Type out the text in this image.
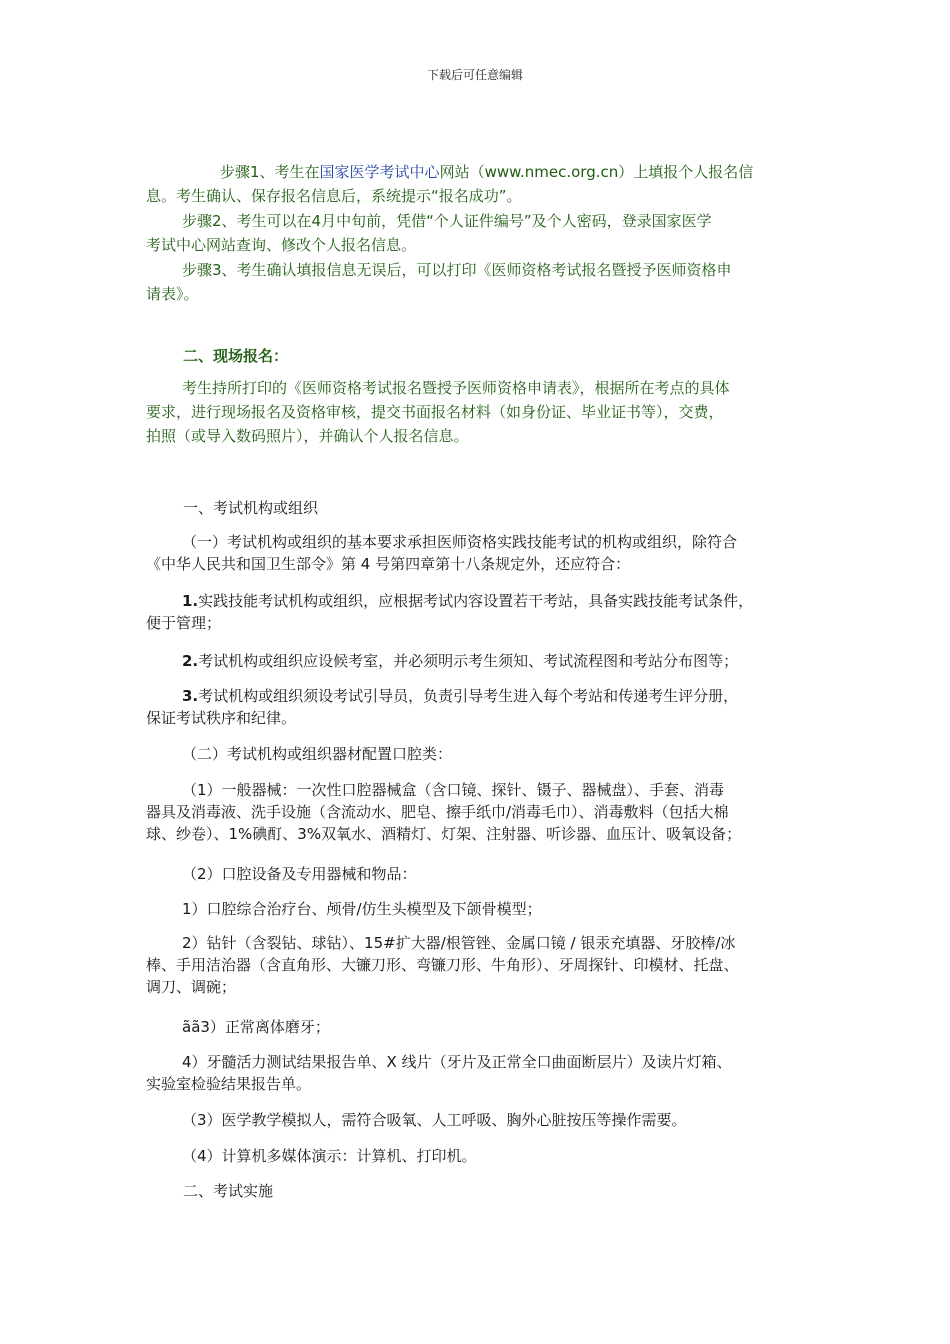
下载后可任意编辑
步骤1、考生在国家医学考试中心网站（www.nmec.org.cn）上填报个人报名信
息。考生确认、保存报名信息后，系统提示“报名成功”。
步骤2、考生可以在4月中旬前，凭借“个人证件编号”及个人密码，登录国家医学
考试中心网站查询、修改个人报名信息。
步骤3、考生确认填报信息无误后，可以打印《医师资格考试报名暨授予医师资格申
请表》。
二、现场报名：
考生持所打印的《医师资格考试报名暨授予医师资格申请表》，根据所在考点的具体
要求，进行现场报名及资格审核，提交书面报名材料（如身份证、毕业证书等），交费，
拍照（或导入数码照片），并确认个人报名信息。
一、考试机构或组织
（一）考试机构或组织的基本要求承担医师资格实践技能考试的机构或组织，除符合
《中华人民共和国卫生部令》第 4 号第四章第十八条规定外，还应符合：
1.实践技能考试机构或组织，应根据考试内容设置若干考站，具备实践技能考试条件，
便于管理；
2.考试机构或组织应设候考室，并必须明示考生须知、考试流程图和考站分布图等；
3.考试机构或组织须设考试引导员，负责引导考生进入每个考站和传递考生评分册，
保证考试秩序和纪律。
（二）考试机构或组织器材配置口腔类：
（1）一般器械：一次性口腔器械盒（含口镜、探针、镊子、器械盘）、手套、消毒
器具及消毒液、洗手设施（含流动水、肥皂、擦手纸巾/消毒毛巾）、消毒敷料（包括大棉
球、纱卷）、1%碘酊、3%双氧水、酒精灯、灯架、注射器、听诊器、血压计、吸氧设备；
（2）口腔设备及专用器械和物品：
1）口腔综合治疗台、颅骨/仿生头模型及下颌骨模型；
2）钻针（含裂钻、球钻）、15#扩大器/根管锉、金属口镜 / 银汞充填器、牙胶棒/冰
棒、手用洁治器（含直角形、大镰刀形、弯镰刀形、牛角形）、牙周探针、印模材、托盘、
调刀、调碗；
ãã3）正常离体磨牙；
4）牙髓活力测试结果报告单、X 线片（牙片及正常全口曲面断层片）及读片灯箱、
实验室检验结果报告单。
（3）医学教学模拟人，需符合吸氧、人工呼吸、胸外心脏按压等操作需要。
（4）计算机多媒体演示：计算机、打印机。
二、考试实施
